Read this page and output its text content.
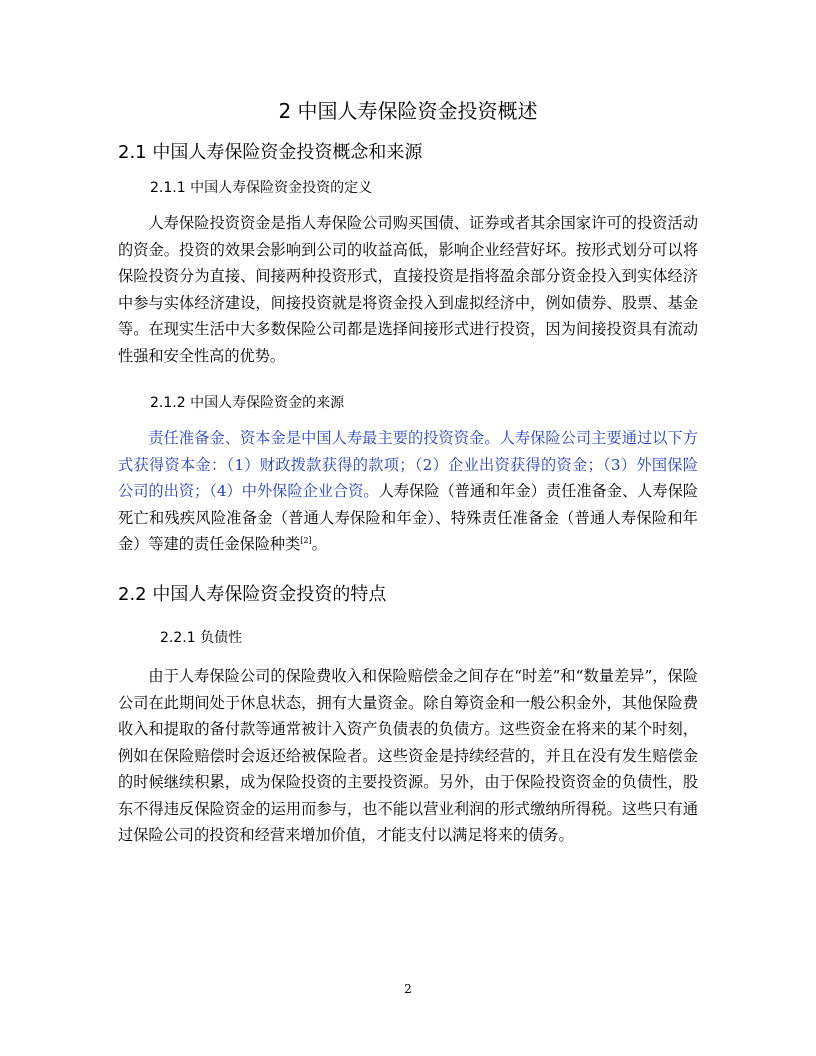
2 中国人寿保险资金投资概述
2.1 中国人寿保险资金投资概念和来源
2.1.1 中国人寿保险资金投资的定义

人寿保险投资资金是指人寿保险公司购买国债、证券或者其余国家许可的投资活动的资金。投资的效果会影响到公司的收益高低，影响企业经营好坏。按形式划分可以将保险投资分为直接、间接两种投资形式，直接投资是指将盈余部分资金投入到实体经济中参与实体经济建设，间接投资就是将资金投入到虚拟经济中，例如债券、股票、基金等。在现实生活中大多数保险公司都是选择间接形式进行投资，因为间接投资具有流动性强和安全性高的优势。

2.1.2 中国人寿保险资金的来源

责任准备金、资本金是中国人寿最主要的投资资金。人寿保险公司主要通过以下方式获得资本金：（1）财政拨款获得的款项；（2）企业出资获得的资金；（3）外国保险公司的出资；（4）中外保险企业合资。人寿保险（普通和年金）责任准备金、人寿保险死亡和残疾风险准备金（普通人寿保险和年金）、特殊责任准备金（普通人寿保险和年金）等建的责任金保险种类[2]。

2.2 中国人寿保险资金投资的特点
2.2.1 负债性

由于人寿保险公司的保险费收入和保险赔偿金之间存在“时差”和“数量差异”，保险公司在此期间处于休息状态，拥有大量资金。除自筹资金和一般公积金外，其他保险费收入和提取的备付款等通常被计入资产负债表的负债方。这些资金在将来的某个时刻，例如在保险赔偿时会返还给被保险者。这些资金是持续经营的，并且在没有发生赔偿金的时候继续积累，成为保险投资的主要投资源。另外，由于保险投资资金的负债性，股东不得违反保险资金的运用而参与，也不能以营业利润的形式缴纳所得税。这些只有通过保险公司的投资和经营来增加价值，才能支付以满足将来的债务。

2
